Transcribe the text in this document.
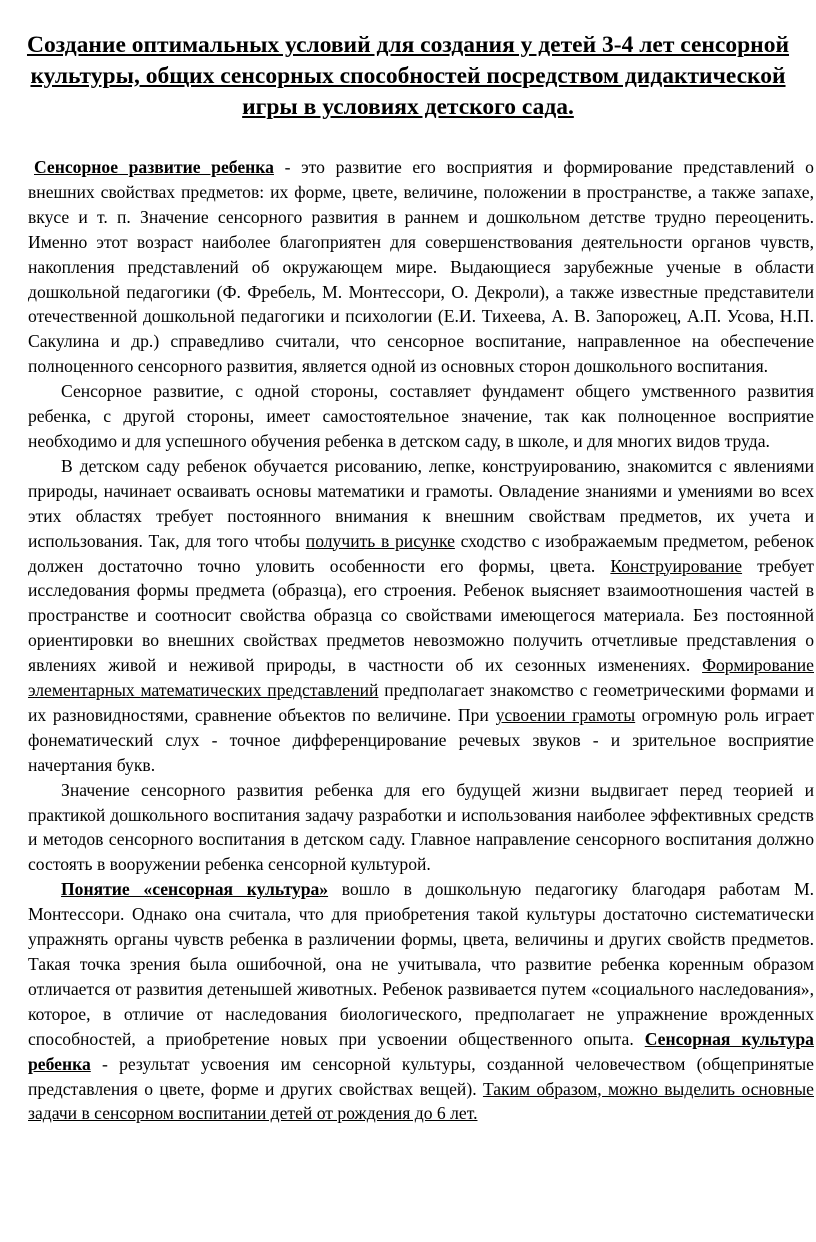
Создание оптимальных условий для создания у детей 3-4 лет сенсорной культуры, общих сенсорных способностей посредством дидактической игры в условиях детского сада.

Сенсорное развитие ребенка - это развитие его восприятия и формирование представлений о внешних свойствах предметов: их форме, цвете, величине, положении в пространстве, а также запахе, вкусе и т. п. Значение сенсорного развития в раннем и дошкольном детстве трудно переоценить. Именно этот возраст наиболее благоприятен для совершенствования деятельности органов чувств, накопления представлений об окружающем мире. Выдающиеся зарубежные ученые в области дошкольной педагогики (Ф. Фребель, М. Монтессори, О. Декроли), а также известные представители отечественной дошкольной педагогики и психологии (Е.И. Тихеева, А. В. Запорожец, А.П. Усова, Н.П. Сакулина и др.) справедливо считали, что сенсорное воспитание, направленное на обеспечение полноценного сенсорного развития, является одной из основных сторон дошкольного воспитания.

Сенсорное развитие, с одной стороны, составляет фундамент общего умственного развития ребенка, с другой стороны, имеет самостоятельное значение, так как полноценное восприятие необходимо и для успешного обучения ребенка в детском саду, в школе, и для многих видов труда.

В детском саду ребенок обучается рисованию, лепке, конструированию, знакомится с явлениями природы, начинает осваивать основы математики и грамоты. Овладение знаниями и умениями во всех этих областях требует постоянного внимания к внешним свойствам предметов, их учета и использования. Так, для того чтобы получить в рисунке сходство с изображаемым предметом, ребенок должен достаточно точно уловить особенности его формы, цвета. Конструирование требует исследования формы предмета (образца), его строения. Ребенок выясняет взаимоотношения частей в пространстве и соотносит свойства образца со свойствами имеющегося материала. Без постоянной ориентировки во внешних свойствах предметов невозможно получить отчетливые представления о явлениях живой и неживой природы, в частности об их сезонных изменениях. Формирование элементарных математических представлений предполагает знакомство с геометрическими формами и их разновидностями, сравнение объектов по величине. При усвоении грамоты огромную роль играет фонематический слух - точное дифференцирование речевых звуков - и зрительное восприятие начертания букв.

Значение сенсорного развития ребенка для его будущей жизни выдвигает перед теорией и практикой дошкольного воспитания задачу разработки и использования наиболее эффективных средств и методов сенсорного воспитания в детском саду. Главное направление сенсорного воспитания должно состоять в вооружении ребенка сенсорной культурой.

Понятие «сенсорная культура» вошло в дошкольную педагогику благодаря работам М. Монтессори. Однако она считала, что для приобретения такой культуры достаточно систематически упражнять органы чувств ребенка в различении формы, цвета, величины и других свойств предметов. Такая точка зрения была ошибочной, она не учитывала, что развитие ребенка коренным образом отличается от развития детенышей животных. Ребенок развивается путем «социального наследования», которое, в отличие от наследования биологического, предполагает не упражнение врожденных способностей, а приобретение новых при усвоении общественного опыта. Сенсорная культура ребенка - результат усвоения им сенсорной культуры, созданной человечеством (общепринятые представления о цвете, форме и других свойствах вещей). Таким образом, можно выделить основные задачи в сенсорном воспитании детей от рождения до 6 лет.
